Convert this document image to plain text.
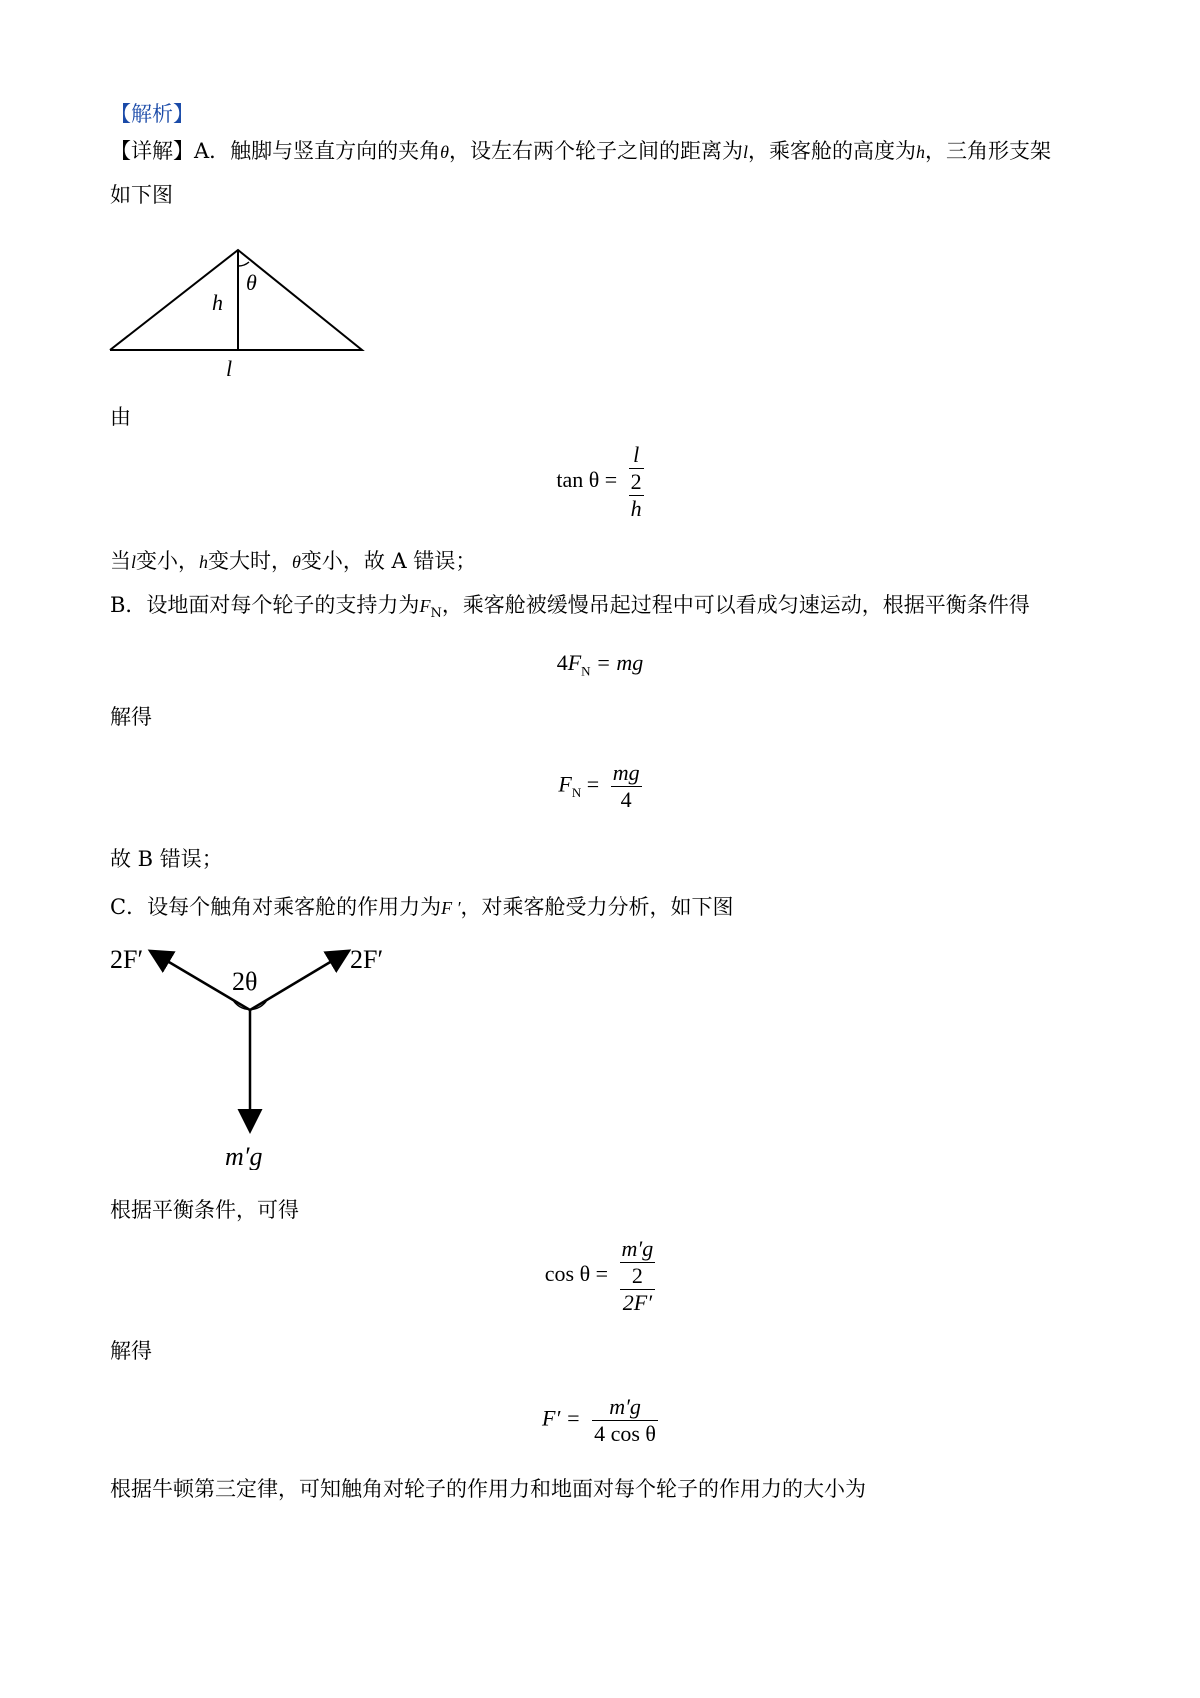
【解析】
【详解】A．触脚与竖直方向的夹角θ，设左右两个轮子之间的距离为l，乘客舱的高度为h，三角形支架
如下图
h
θ
l
由
$\tan \theta = \frac{\frac{l}{2}}{h}$
当l变小，h变大时，θ变小，故 A 错误；
B．设地面对每个轮子的支持力为$F_N$，乘客舱被缓慢吊起过程中可以看成匀速运动，根据平衡条件得
$4F_N$ = mg
解得
$F_N = \frac{mg}{4}$
故 B 错误；
C．设每个触角对乘客舱的作用力为F ′，对乘客舱受力分析，如下图
2F′	2F′
2θ
m′g
根据平衡条件，可得
$\cos \theta = \frac{\frac{m'g}{2}}{2F'}$
解得
$F' = \frac{m'g}{\text{4 cos θ}}$
根据牛顿第三定律，可知触角对轮子的作用力和地面对每个轮子的作用力的大小为
